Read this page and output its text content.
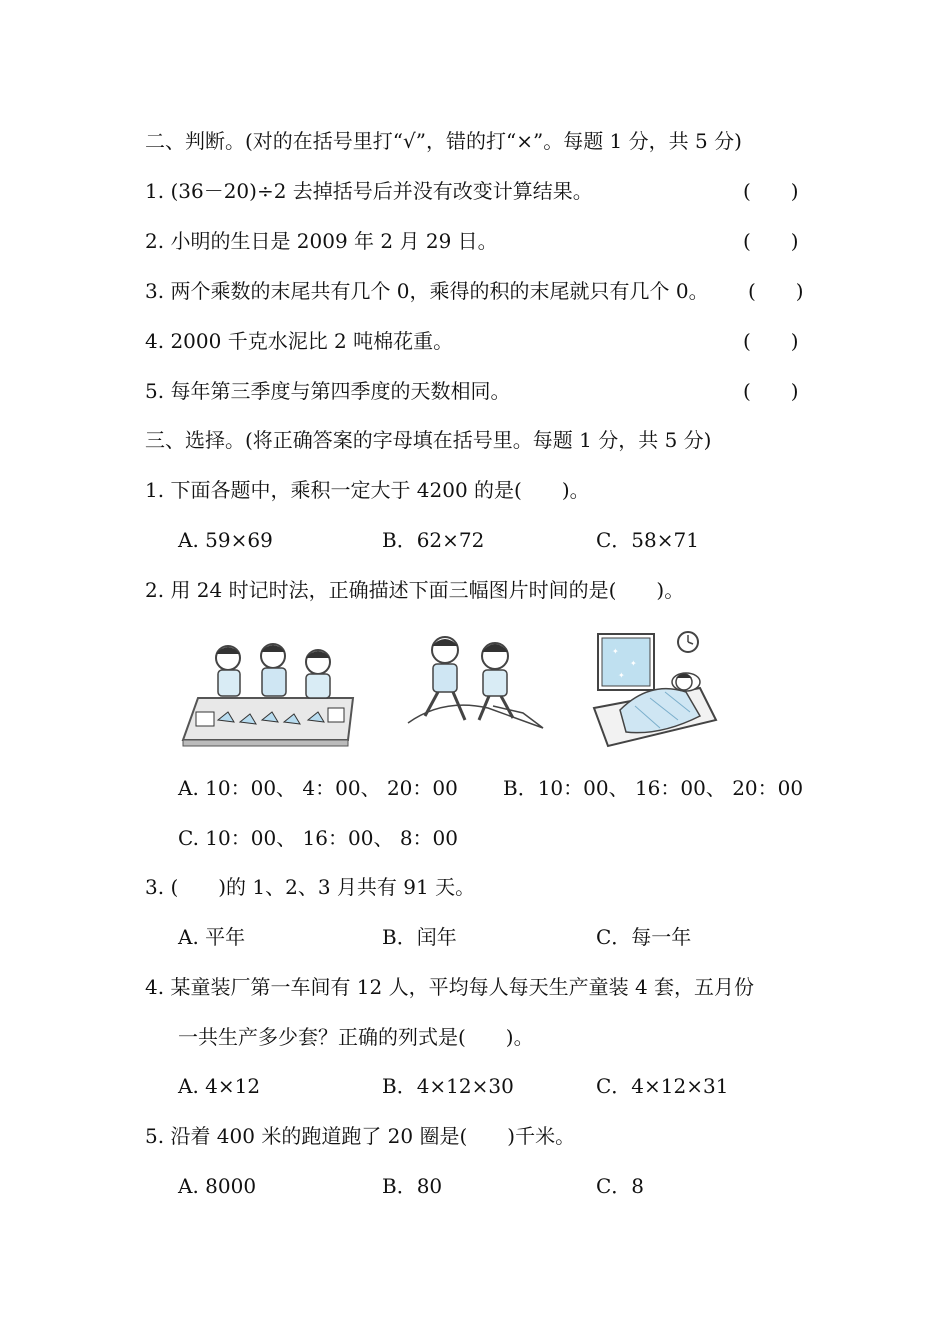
二、判断。(对的在括号里打“√”，错的打“×”。每题 1 分，共 5 分)
1. (36－20)÷2 去掉括号后并没有改变计算结果。	(　　)
2. 小明的生日是 2009 年 2 月 29 日。	(　　)
3. 两个乘数的末尾共有几个 0，乘得的积的末尾就只有几个 0。 (　　)
4. 2000 千克水泥比 2 吨棉花重。	(　　)
5. 每年第三季度与第四季度的天数相同。	(　　)
三、选择。(将正确答案的字母填在括号里。每题 1 分，共 5 分)
1. 下面各题中，乘积一定大于 4200 的是(　　)。
A. 59×69	B．62×72	C．58×71
2. 用 24 时记时法，正确描述下面三幅图片时间的是(　　)。
✦
✦
✦
A. 10：00、 4：00、 20：00 B．10：00、 16：00、 20：00
C. 10：00、 16：00、 8：00
3. (　　)的 1、2、3 月共有 91 天。
A. 平年	B．闰年	C．每一年
4. 某童装厂第一车间有 12 人，平均每人每天生产童装 4 套，五月份
一共生产多少套？正确的列式是(　　)。
A. 4×12	B．4×12×30	C．4×12×31
5. 沿着 400 米的跑道跑了 20 圈是(　　)千米。
A. 8000	B．80	C．8
